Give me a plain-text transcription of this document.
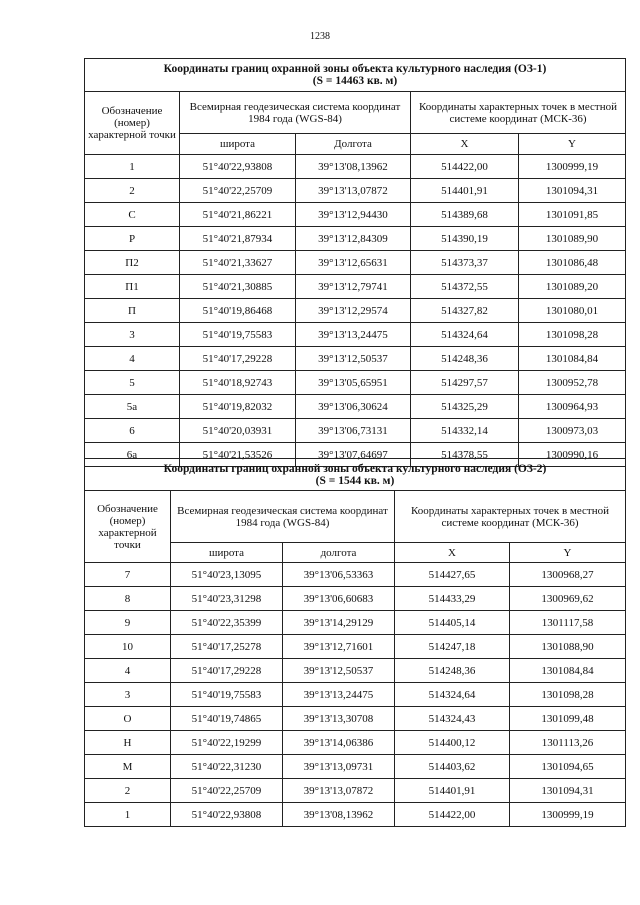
1238
Координаты границ охранной зоны объекта культурного наследия (ОЗ-1)
(S = 14463 кв. м)				

Обозначение (номер) характерной точки	Всемирная геодезическая система координат 1984 года (WGS-84)		Координаты характерных точек в местной системе координат (МСК-36)	
	широта	Долгота	X	Y
1	51°40'22,93808	39°13'08,13962	514422,00	1300999,19
2	51°40'22,25709	39°13'13,07872	514401,91	1301094,31
С	51°40'21,86221	39°13'12,94430	514389,68	1301091,85
Р	51°40'21,87934	39°13'12,84309	514390,19	1301089,90
П2	51°40'21,33627	39°13'12,65631	514373,37	1301086,48
П1	51°40'21,30885	39°13'12,79741	514372,55	1301089,20
П	51°40'19,86468	39°13'12,29574	514327,82	1301080,01
3	51°40'19,75583	39°13'13,24475	514324,64	1301098,28
4	51°40'17,29228	39°13'12,50537	514248,36	1301084,84
5	51°40'18,92743	39°13'05,65951	514297,57	1300952,78
5а	51°40'19,82032	39°13'06,30624	514325,29	1300964,93
6	51°40'20,03931	39°13'06,73131	514332,14	1300973,03
6а	51°40'21,53526	39°13'07,64697	514378,55	1300990,16
Координаты границ охранной зоны объекта культурного наследия (ОЗ-2)
(S = 1544 кв. м)				

Обозначение (номер) характерной точки	Всемирная геодезическая система координат 1984 года (WGS-84)		Координаты характерных точек в местной системе координат (МСК-36)	
	широта	долгота	X	Y
7	51°40'23,13095	39°13'06,53363	514427,65	1300968,27
8	51°40'23,31298	39°13'06,60683	514433,29	1300969,62
9	51°40'22,35399	39°13'14,29129	514405,14	1301117,58
10	51°40'17,25278	39°13'12,71601	514247,18	1301088,90
4	51°40'17,29228	39°13'12,50537	514248,36	1301084,84
3	51°40'19,75583	39°13'13,24475	514324,64	1301098,28
О	51°40'19,74865	39°13'13,30708	514324,43	1301099,48
Н	51°40'22,19299	39°13'14,06386	514400,12	1301113,26
М	51°40'22,31230	39°13'13,09731	514403,62	1301094,65
2	51°40'22,25709	39°13'13,07872	514401,91	1301094,31
1	51°40'22,93808	39°13'08,13962	514422,00	1300999,19
